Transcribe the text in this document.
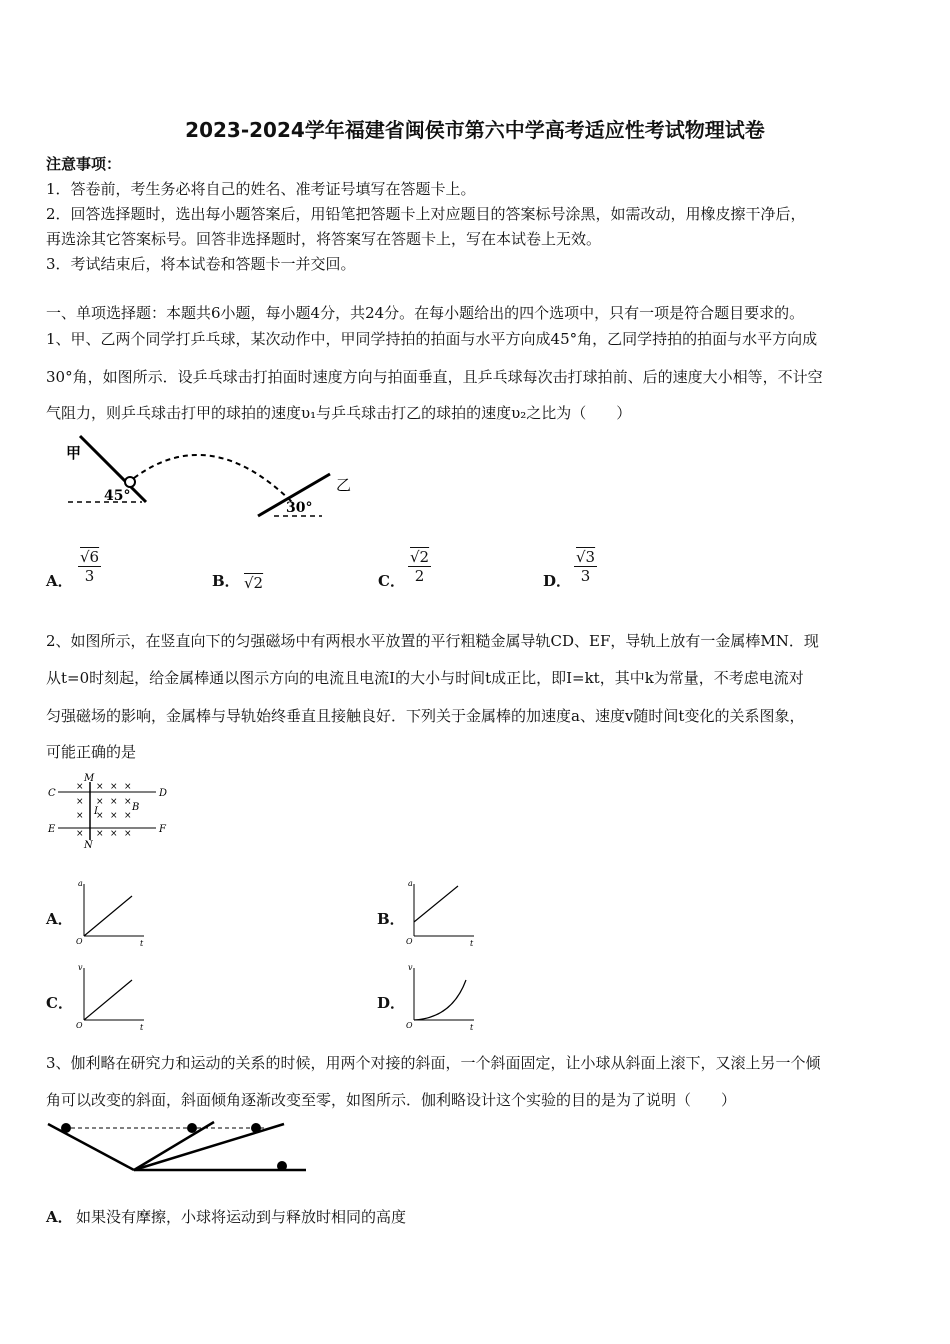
2023-2024学年福建省闽侯市第六中学高考适应性考试物理试卷
注意事项：
1．答卷前，考生务必将自己的姓名、准考证号填写在答题卡上。
2．回答选择题时，选出每小题答案后，用铅笔把答题卡上对应题目的答案标号涂黑，如需改动，用橡皮擦干净后，
再选涂其它答案标号。回答非选择题时，将答案写在答题卡上，写在本试卷上无效。
3．考试结束后，将本试卷和答题卡一并交回。
一、单项选择题：本题共6小题，每小题4分，共24分。在每小题给出的四个选项中，只有一项是符合题目要求的。
1、甲、乙两个同学打乒乓球，某次动作中，甲同学持拍的拍面与水平方向成45°角，乙同学持拍的拍面与水平方向成
30°角，如图所示．设乒乓球击打拍面时速度方向与拍面垂直，且乒乓球每次击打球拍前、后的速度大小相等，不计空
气阻力，则乒乓球击打甲的球拍的速度υ₁与乒乓球击打乙的球拍的速度υ₂之比为（　　）
甲
乙
45°
30°
A． $\frac{√6}{3}$	B． √2	C． $\frac{√2}{2}$	D． $\frac{√3}{3}$
2、如图所示，在竖直向下的匀强磁场中有两根水平放置的平行粗糙金属导轨CD、EF，导轨上放有一金属棒MN．现
从t=0时刻起，给金属棒通以图示方向的电流且电流I的大小与时间t成正比，即I=kt，其中k为常量，不考虑电流对
匀强磁场的影响，金属棒与导轨始终垂直且接触良好．下列关于金属棒的加速度a、速度v随时间t变化的关系图象，
可能正确的是
C	D
E	F
M
N
B
I
× × × ×
× × × ×
× × × ×
× × × ×
A．
a
t
O
B．
a
t
O
C．
v
t
O
D．
v
t
O
3、伽利略在研究力和运动的关系的时候，用两个对接的斜面，一个斜面固定，让小球从斜面上滚下，又滚上另一个倾
角可以改变的斜面，斜面倾角逐渐改变至零，如图所示．伽利略设计这个实验的目的是为了说明（　　）
A． 如果没有摩擦，小球将运动到与释放时相同的高度
